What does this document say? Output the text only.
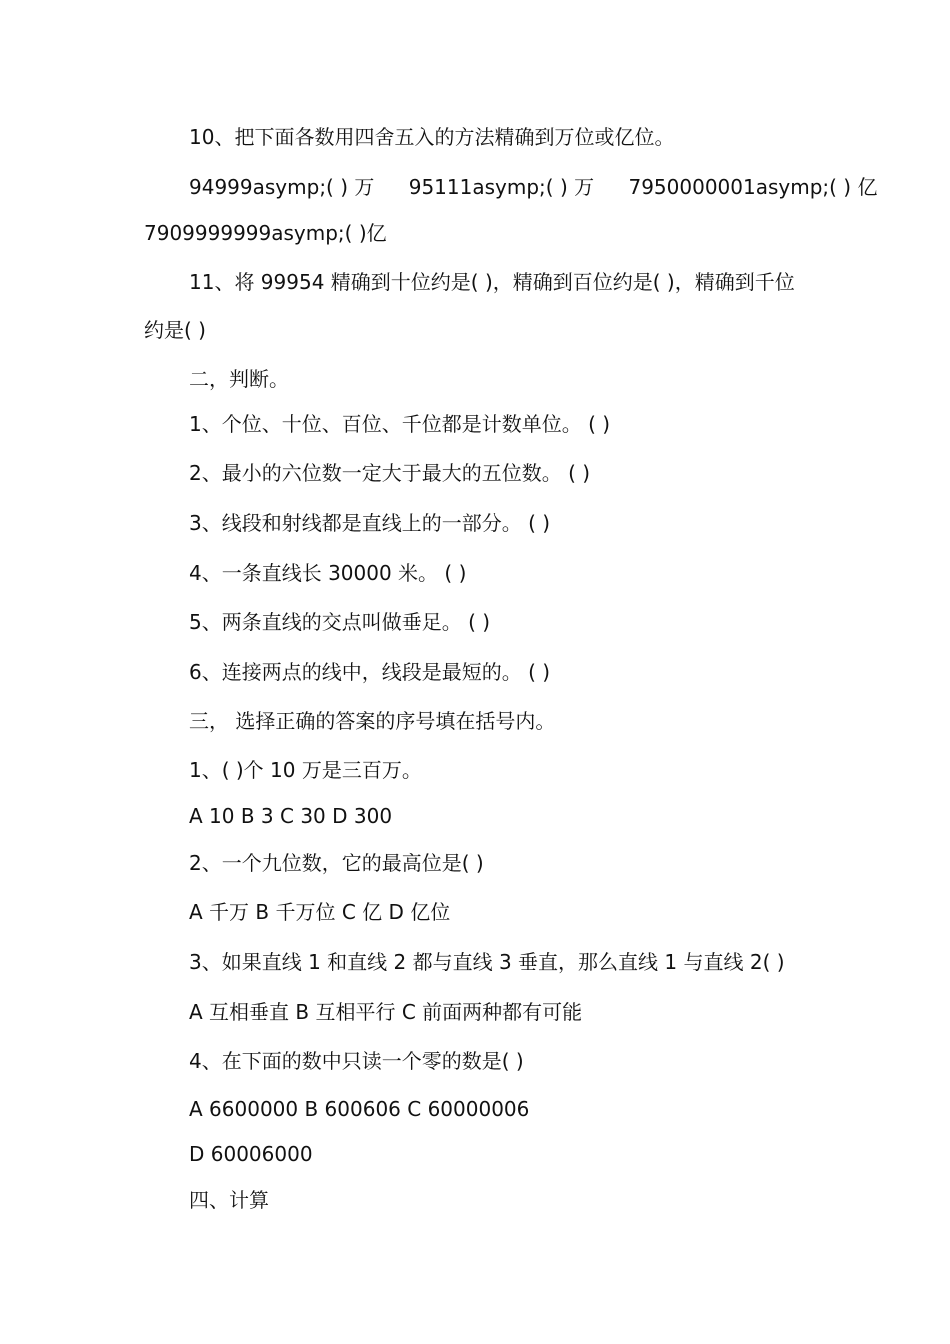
10、把下面各数用四舍五入的方法精确到万位或亿位。
94999asymp;( ) 万 95111asymp;( ) 万 7950000001asymp;( ) 亿
7909999999asymp;( )亿
11、将 99954 精确到十位约是( )，精确到百位约是( )，精确到千位
约是( )
二，判断。
1、个位、十位、百位、千位都是计数单位。 ( )
2、最小的六位数一定大于最大的五位数。 ( )
3、线段和射线都是直线上的一部分。 ( )
4、一条直线长 30000 米。 ( )
5、两条直线的交点叫做垂足。 ( )
6、连接两点的线中，线段是最短的。 ( )
三， 选择正确的答案的序号填在括号内。
1、( )个 10 万是三百万。
A 10 B 3 C 30 D 300
2、一个九位数，它的最高位是( )
A 千万 B 千万位 C 亿 D 亿位
3、如果直线 1 和直线 2 都与直线 3 垂直，那么直线 1 与直线 2( )
A 互相垂直 B 互相平行 C 前面两种都有可能
4、在下面的数中只读一个零的数是( )
A 6600000 B 600606 C 60000006
D 60006000
四、计算
